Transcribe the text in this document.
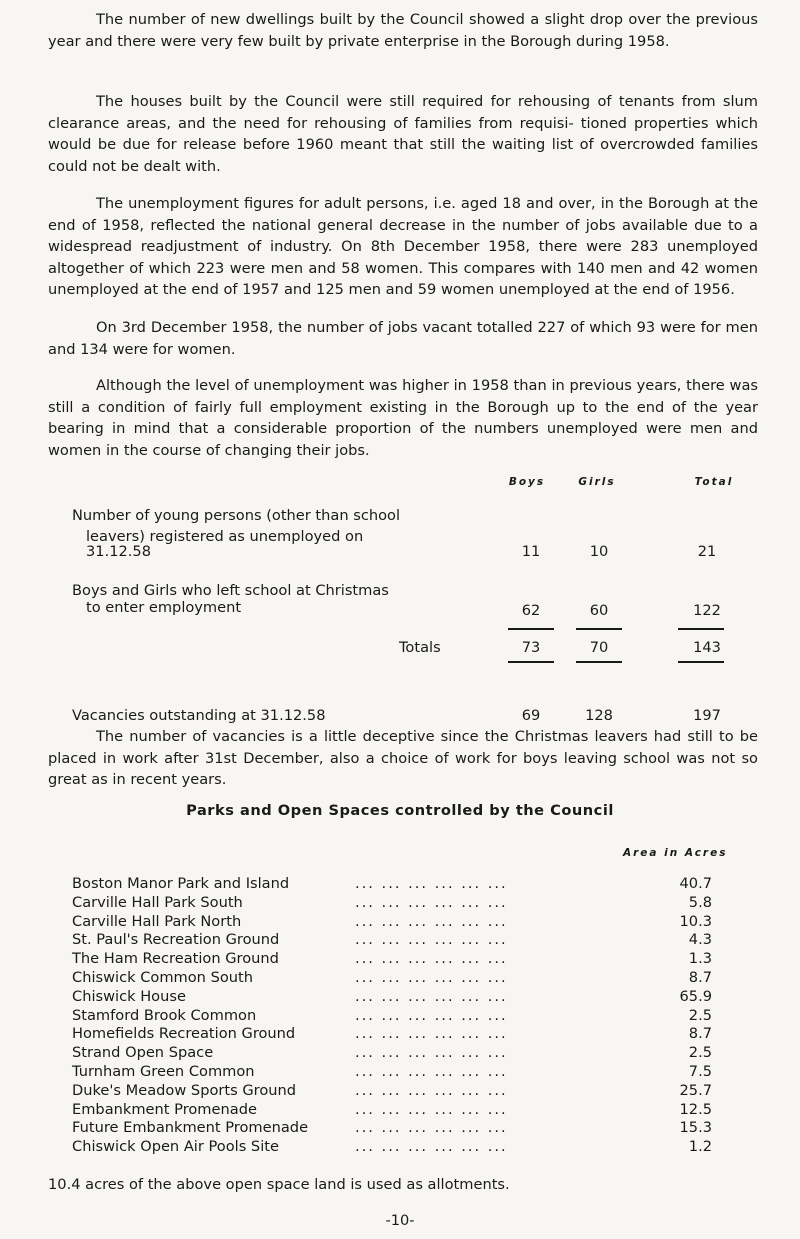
The number of new dwellings built by the Council showed a slight drop over the previous year and there were very few built by private enterprise in the Borough during 1958.

The houses built by the Council were still required for rehousing of tenants from slum clearance areas, and the need for rehousing of families from requisi- tioned properties which would be due for release before 1960 meant that still the waiting list of overcrowded families could not be dealt with.

The unemployment figures for adult persons, i.e. aged 18 and over, in the Borough at the end of 1958, reflected the national general decrease in the number of jobs available due to a widespread readjustment of industry. On 8th December 1958, there were 283 unemployed altogether of which 223 were men and 58 women. This compares with 140 men and 42 women unemployed at the end of 1957 and 125 men and 59 women unemployed at the end of 1956.

On 3rd December 1958, the number of jobs vacant totalled 227 of which 93 were for men and 134 were for women.

Although the level of unemployment was higher in 1958 than in previous years, there was still a condition of fairly full employment existing in the Borough up to the end of the year bearing in mind that a considerable proportion of the numbers unemployed were men and women in the course of changing their jobs.

Boys	Girls	Total
Number of young persons (other than school
leavers) registered as unemployed on
31.12.58	11	10	21
Boys and Girls who left school at Christmas
to enter employment	62	60	122
Totals	73	70	143
Vacancies outstanding at 31.12.58	69	128	197

The number of vacancies is a little deceptive since the Christmas leavers had still to be placed in work after 31st December, also a choice of work for boys leaving school was not so great as in recent years.

Parks and Open Spaces controlled by the Council
Area in Acres
Boston Manor Park and Island	... ... ... ... ... ...	40.7
Carville Hall Park South	... ... ... ... ... ...	5.8
Carville Hall Park North	... ... ... ... ... ...	10.3
St. Paul's Recreation Ground	... ... ... ... ... ...	4.3
The Ham Recreation Ground	... ... ... ... ... ...	1.3
Chiswick Common South	... ... ... ... ... ...	8.7
Chiswick House	... ... ... ... ... ...	65.9
Stamford Brook Common	... ... ... ... ... ...	2.5
Homefields Recreation Ground	... ... ... ... ... ...	8.7
Strand Open Space	... ... ... ... ... ...	2.5
Turnham Green Common	... ... ... ... ... ...	7.5
Duke's Meadow Sports Ground	... ... ... ... ... ...	25.7
Embankment Promenade	... ... ... ... ... ...	12.5
Future Embankment Promenade	... ... ... ... ... ...	15.3
Chiswick Open Air Pools Site	... ... ... ... ... ...	1.2
10.4 acres of the above open space land is used as allotments.
-10-
